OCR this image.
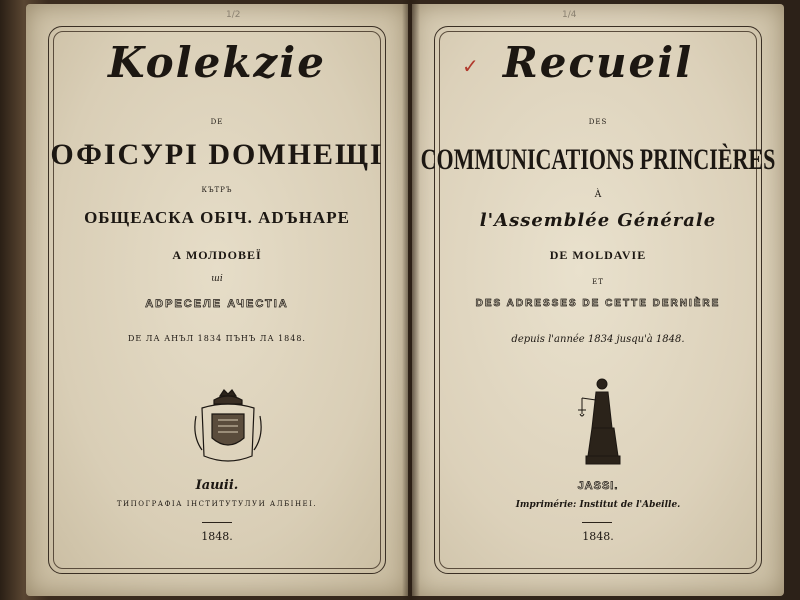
1/2
Kolekzie
DE
ОФІСУРІ DОМНЕЩІ
КЪТРЪ
ОБЩЕАСКА ОБІЧ. АDЪНАРЕ
А МОЛDОВЕЇ
ші
АDРЕСЕЛЕ АЧЕСТІА
DЕ ЛА АНЪЛ 1834 ПЪНЪ ЛА 1848.
Iaшii.
ТИПОГРАФІА ІНСТИТУТУЛУИ АЛБІНЕІ.
1848.
1/4
✓ Recueil
DES
COMMUNICATIONS PRINCIÈRES
À
l'Assemblée Générale
DE MOLDAVIE
ET
DES ADRESSES DE CETTE DERNIÈRE
depuis l'année 1834 jusqu'à 1848.
JASSI.
Imprimérie: Institut de l'Abeille.
1848.
